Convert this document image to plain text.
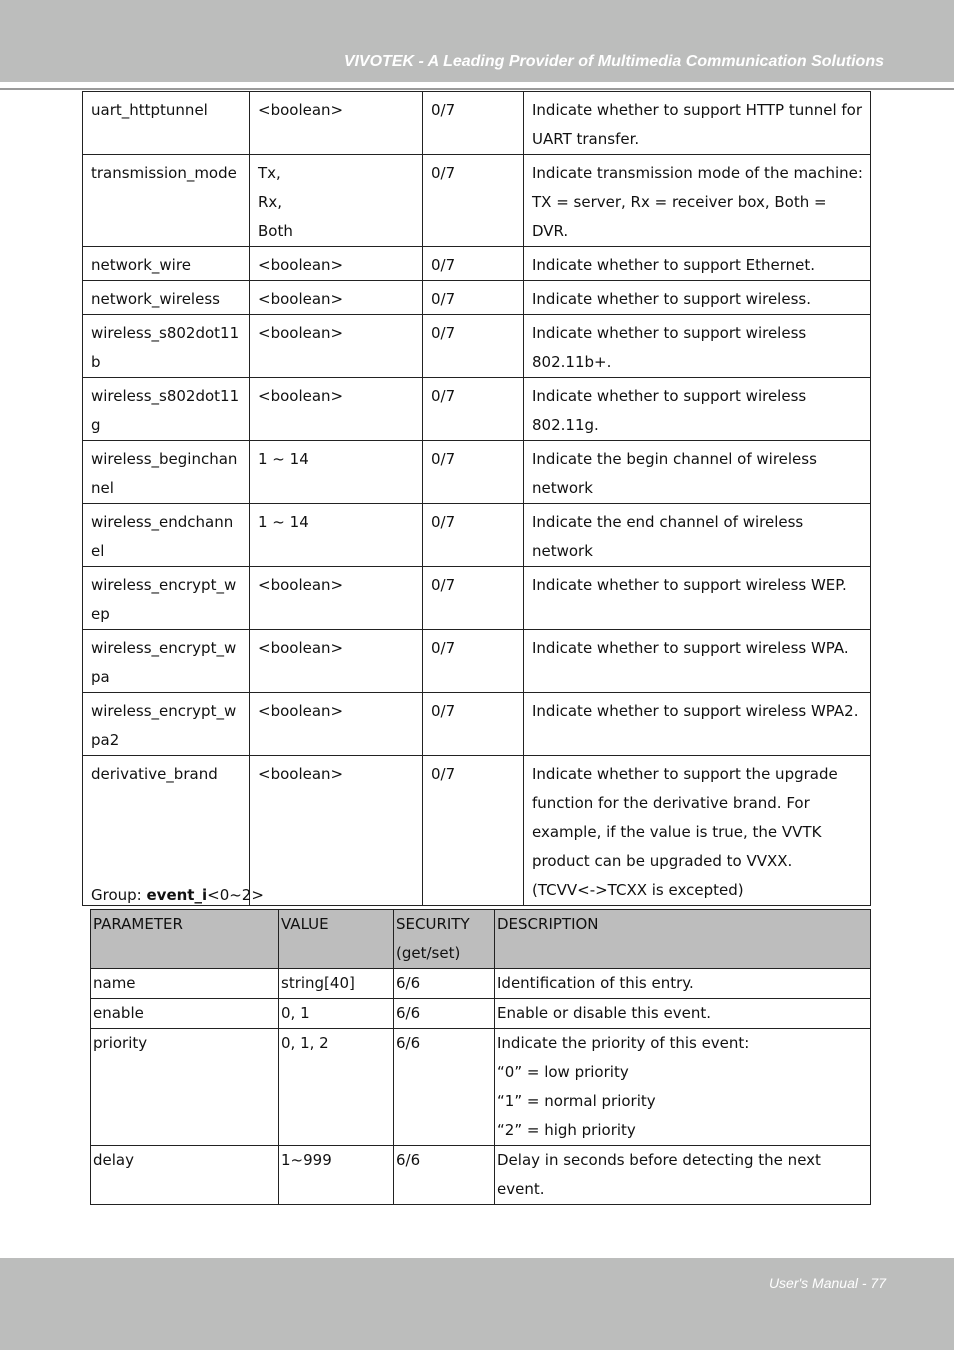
VIVOTEK - A Leading Provider of Multimedia Communication Solutions
uart_httptunnel	<boolean>	0/7	Indicate whether to support HTTP tunnel for
UART transfer.

transmission_mode	Tx,
Rx,
Both	0/7	Indicate transmission mode of the machine:
TX = server, Rx = receiver box, Both = DVR.

network_wire	<boolean>	0/7	Indicate whether to support Ethernet.

network_wireless	<boolean>	0/7	Indicate whether to support wireless.

wireless_s802dot11b	<boolean>	0/7	Indicate whether to support wireless
802.11b+.

wireless_s802dot11g	<boolean>	0/7	Indicate whether to support wireless 802.11g.

wireless_beginchannel	1 ~ 14	0/7	Indicate the begin channel of wireless
network

wireless_endchannel	1 ~ 14	0/7	Indicate the end channel of wireless network

wireless_encrypt_wep	<boolean>	0/7	Indicate whether to support wireless WEP.

wireless_encrypt_wpa	<boolean>	0/7	Indicate whether to support wireless WPA.

wireless_encrypt_wpa2	<boolean>	0/7	Indicate whether to support wireless WPA2.

derivative_brand	<boolean>	0/7	Indicate whether to support the upgrade
function for the derivative brand. For
example, if the value is true, the VVTK
product can be upgraded to VVXX.
(TCVV<->TCXX is excepted)
Group: event_i<0~2>
PARAMETER	VALUE	SECURITY
(get/set)	DESCRIPTION
name	string[40]	6/6	Identification of this entry.

enable	0, 1	6/6	Enable or disable this event.

priority	0, 1, 2	6/6	Indicate the priority of this event:
“0” = low priority
“1” = normal priority
“2” = high priority

delay	1~999	6/6	Delay in seconds before detecting the next event.
User's Manual - 77
